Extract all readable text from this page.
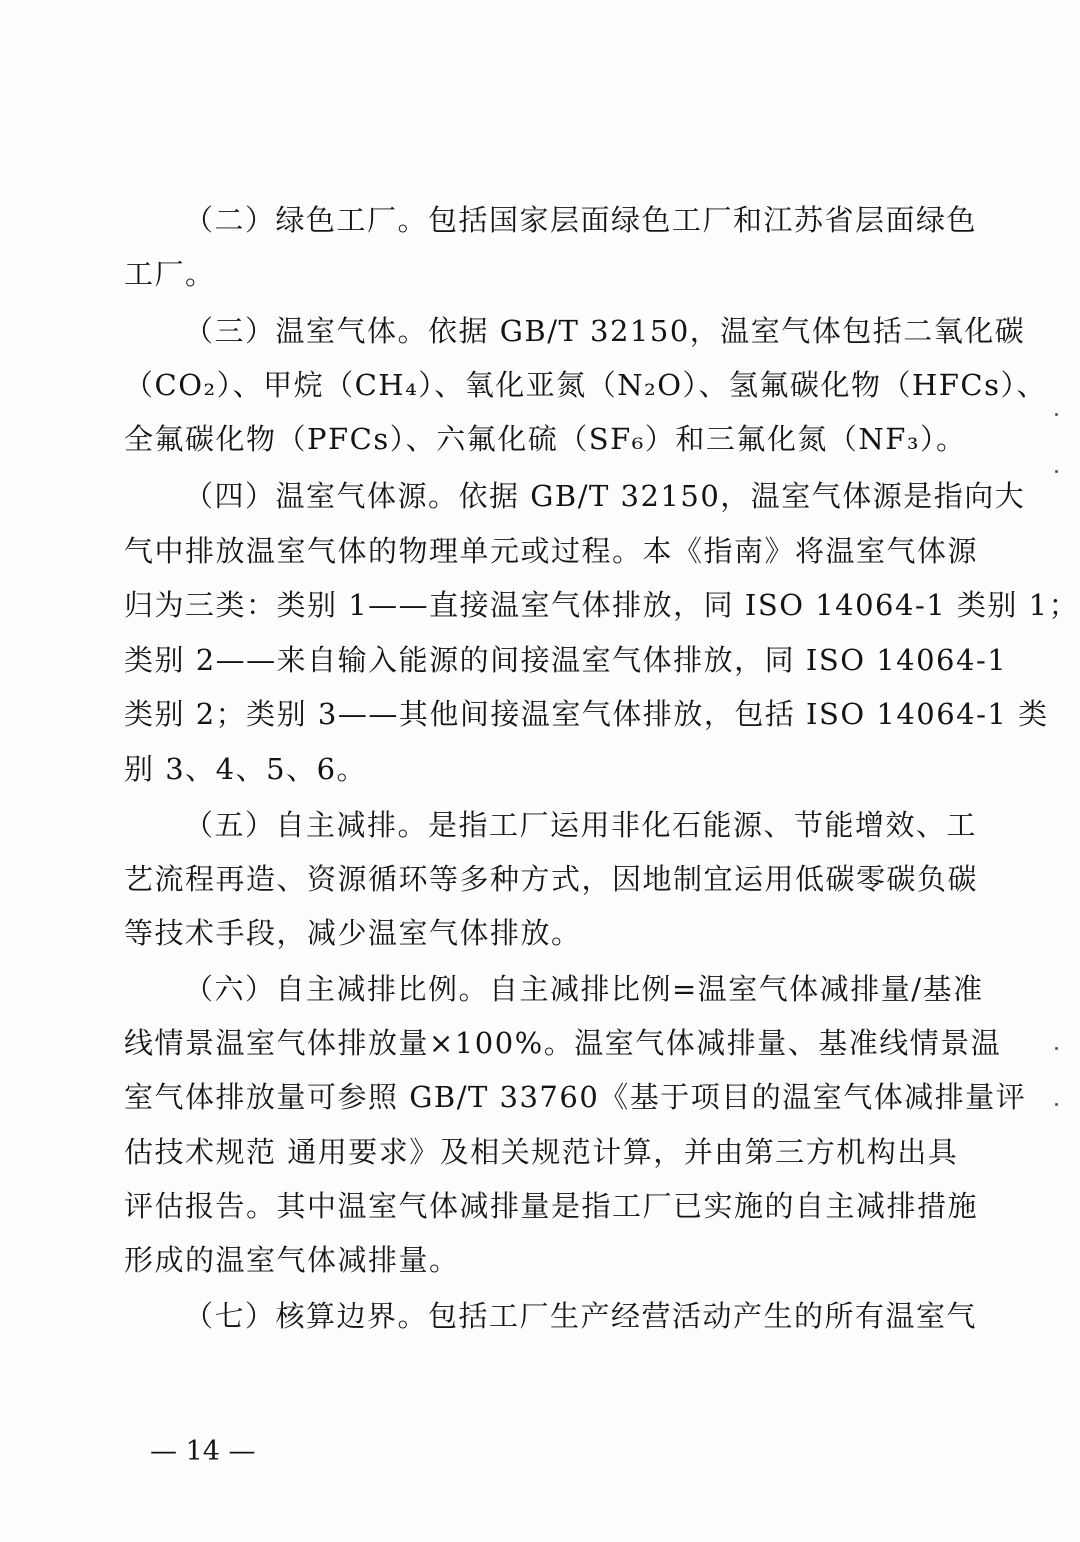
（二）绿色工厂。包括国家层面绿色工厂和江苏省层面绿色
工厂。
（三）温室气体。依据 GB/T 32150，温室气体包括二氧化碳
（CO₂）、甲烷（CH₄）、氧化亚氮（N₂O）、氢氟碳化物（HFCs）、
全氟碳化物（PFCs）、六氟化硫（SF₆）和三氟化氮（NF₃）。
（四）温室气体源。依据 GB/T 32150，温室气体源是指向大
气中排放温室气体的物理单元或过程。本《指南》将温室气体源
归为三类：类别 1——直接温室气体排放，同 ISO 14064-1 类别 1；
类别 2——来自输入能源的间接温室气体排放，同 ISO 14064-1
类别 2；类别 3——其他间接温室气体排放，包括 ISO 14064-1 类
别 3、4、5、6。
（五）自主减排。是指工厂运用非化石能源、节能增效、工
艺流程再造、资源循环等多种方式，因地制宜运用低碳零碳负碳
等技术手段，减少温室气体排放。
（六）自主减排比例。自主减排比例=温室气体减排量/基准
线情景温室气体排放量×100%。温室气体减排量、基准线情景温
室气体排放量可参照 GB/T 33760《基于项目的温室气体减排量评
估技术规范 通用要求》及相关规范计算，并由第三方机构出具
评估报告。其中温室气体减排量是指工厂已实施的自主减排措施
形成的温室气体减排量。
（七）核算边界。包括工厂生产经营活动产生的所有温室气
— 14 —
